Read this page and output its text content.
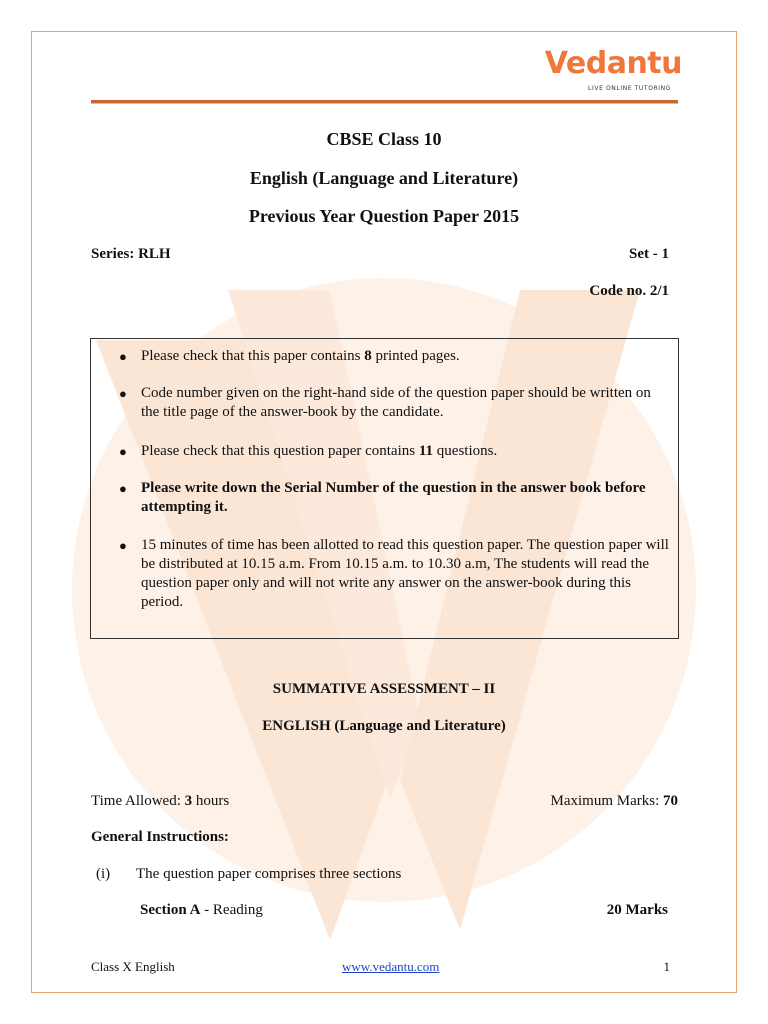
Vedantu
LIVE ONLINE TUTORING
CBSE Class 10
English (Language and Literature)
Previous Year Question Paper 2015
Series: RLH	Set - 1
Code no. 2/1
● Please check that this paper contains 8 printed pages.
● Code number given on the right-hand side of the question paper should be written on the title page of the answer-book by the candidate.
● Please check that this question paper contains 11 questions.
● Please write down the Serial Number of the question in the answer book before attempting it.
● 15 minutes of time has been allotted to read this question paper. The question paper will be distributed at 10.15 a.m. From 10.15 a.m. to 10.30 a.m, The students will read the question paper only and will not write any answer on the answer-book during this period.
SUMMATIVE ASSESSMENT – II
ENGLISH (Language and Literature)
Time Allowed: 3 hours	Maximum Marks: 70
General Instructions:
(i) The question paper comprises three sections
Section A - Reading	20 Marks
Class X English	www.vedantu.com	1
